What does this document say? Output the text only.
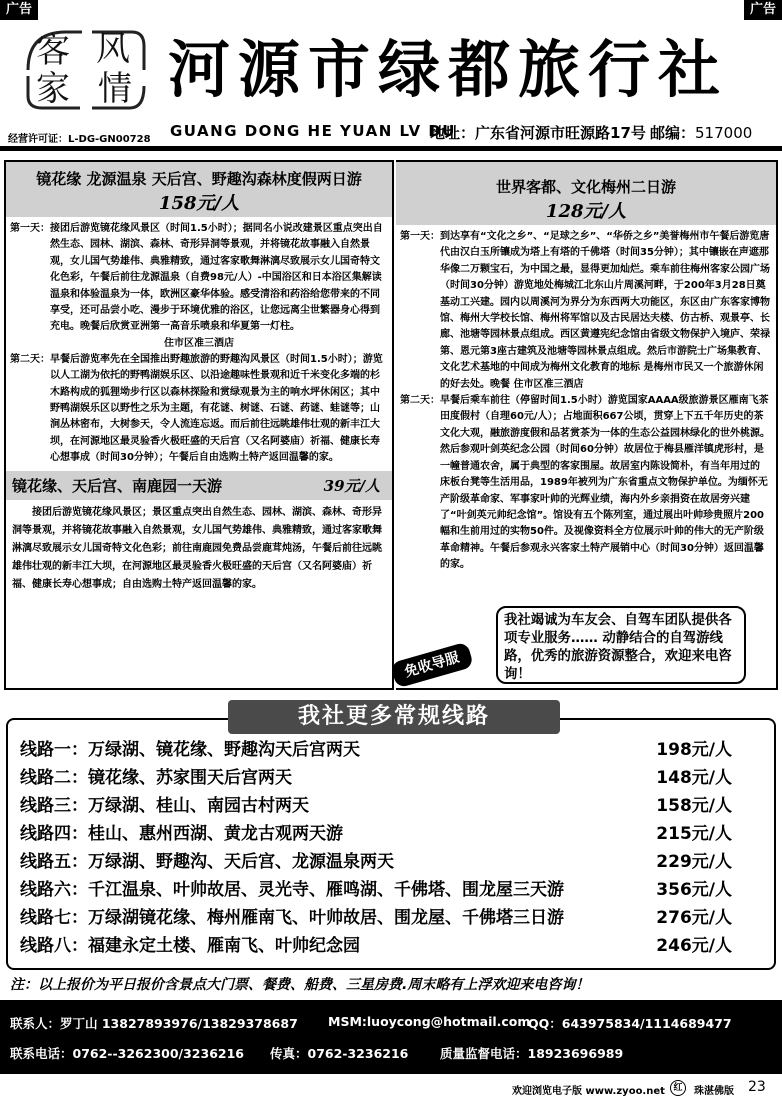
广告	广告
客 风
家 情 河源市绿都旅行社
经营许可证：L-DG-GN00728 GUANG DONG HE YUAN LV DU
地址：广东省河源市旺源路17号 邮编：517000
镜花缘 龙源温泉 天后宫、野趣沟森林度假两日游
158元/人
第一天： 接团后游览镜花缘风景区（时间1.5小时）；据同名小说改建景区重点突出自然生态、园林、湖滨、森林、奇形异洞等景观，并将镜花故事融入自然景观，女儿国气势雄伟、典雅精致，通过客家歌舞淋漓尽致展示女儿国奇特文化色彩，午餐后前往龙源温泉（自费98元/人）-中国浴区和日本浴区集解读温泉和体验温泉为一体，欧洲区豪华体验。感受清浴和药浴给您带来的不同享受，还可品尝小吃、漫步于环境优雅的浴区，让您远离尘世繁器身心得到充电。晚餐后欣赏亚洲第一高音乐喷泉和华夏第一灯柱。
住市区准三酒店
第二天： 早餐后游览率先在全国推出野趣旅游的野趣沟风景区（时间1.5小时）；游览以人工湖为依托的野鸭湖娱乐区、以沿途趣味性景观和近千米变化多端的杉木路构成的狐狸坳步行区以森林探险和赏绿观景为主的响水坪休闲区；其中野鸭湖娱乐区以野性之乐为主题，有花谜、树谜、石谜、药谜、蛙谜等；山涧丛林密布，大树参天，令人流连忘返。而后前往远眺雄伟壮观的新丰江大坝，在河源地区最灵验香火极旺盛的天后宫（又名阿婆庙）祈福、健康长寿心想事成（时间30分钟）；午餐后自由选购土特产返回温馨的家。
镜花缘、天后宫、南鹿园一天游	39元/人
接团后游览镜花缘风景区；景区重点突出自然生态、园林、湖滨、森林、奇形异洞等景观，并将镜花故事融入自然景观，女儿国气势雄伟、典雅精致，通过客家歌舞淋漓尽致展示女儿国奇特文化色彩；前往南鹿园免费品尝鹿茸炖汤，午餐后前往远眺雄伟壮观的新丰江大坝，在河源地区最灵验香火极旺盛的天后宫（又名阿婆庙）祈福、健康长寿心想事成；自由选购土特产返回温馨的家。
世界客都、文化梅州二日游
128元/人
第一天： 到达享有“文化之乡”、“足球之乡”、“华侨之乡”美誉梅州市午餐后游览唐代由汉白玉所镶成为塔上有塔的千佛塔（时间35分钟）；其中镶嵌在声遮那华像二万颗宝石，为中国之最，显得更加灿烂。乘车前往梅州客家公园广场（时间30分钟）游览地处梅城江北东山片周溪河畔，于200年3月28日奠基动工兴建。园内以周溪河为界分为东西两大功能区，东区由广东客家博物馆、梅州大学校长馆、梅州将军馆以及古民居达夫楼、仿古桥、观景亭、长廊、池塘等园林景点组成。西区黄遵宪纪念馆由省级文物保护入境庐、荣禄第、恩元第3座古建筑及池塘等园林景点组成。然后市游院士广场集教育、文化艺术基地的中间成为梅州文化教育的地标 是梅州市民又一个旅游休闲的好去处。晚餐 住市区准三酒店
第二天： 早餐后乘车前往（停留时间1.5小时）游览国家AAAA级旅游景区雁南飞茶田度假村（自理60元/人）；占地面积667公顷，贯穿上下五千年历史的茶文化大观，融旅游度假和品茗赏茶为一体的生态公益园林绿化的世外桃源。然后参观叶剑英纪念公园（时间60分钟）故居位于梅县雁洋镇虎形村，是一幢普通农舍，属于典型的客家围屋。故居室内陈设简朴，有当年用过的 床板台凳等生活用品，1989年被列为广东省重点文物保护单位。为缅怀无产阶级革命家、军事家叶帅的光辉业绩，海内外乡亲捐资在故居旁兴建了“叶剑英元帅纪念馆”。馆设有五个陈列室，通过展出叶帅珍贵照片200幅和生前用过的实物50件。及视像资料全方位展示叶帅的伟大的无产阶级革命精神。午餐后参观永兴客家土特产展销中心（时间30分钟）返回温馨的家。
我社竭诚为车友会、自驾车团队提供各项专业服务…… 动静结合的自驾游线路，优秀的旅游资源整合，欢迎来电咨询！
免收导服
我社更多常规线路
线路一：万绿湖、镜花缘、野趣沟天后宫两天	198元/人
线路二：镜花缘、苏家围天后宫两天	148元/人
线路三：万绿湖、桂山、南园古村两天	158元/人
线路四：桂山、惠州西湖、黄龙古观两天游	215元/人
线路五：万绿湖、野趣沟、天后宫、龙源温泉两天	229元/人
线路六：千江温泉、叶帅故居、灵光寺、雁鸣湖、千佛塔、围龙屋三天游	356元/人
线路七：万绿湖镜花缘、梅州雁南飞、叶帅故居、围龙屋、千佛塔三日游	276元/人
线路八：福建永定土楼、雁南飞、叶帅纪念园	246元/人
注：以上报价为平日报价含景点大门票、餐费、船费、三星房费.周末略有上浮欢迎来电咨询！
联系人：罗丁山 13827893976/13829378687 MSM:luoycong@hotmail.com
QQ：643975834/1114689477
联系电话：0762--3262300/3236216 传真：0762-3236216	质量监督电话：18923696989
欢迎浏览电子版 www.zyoo.net 红	珠湛佛版 23
